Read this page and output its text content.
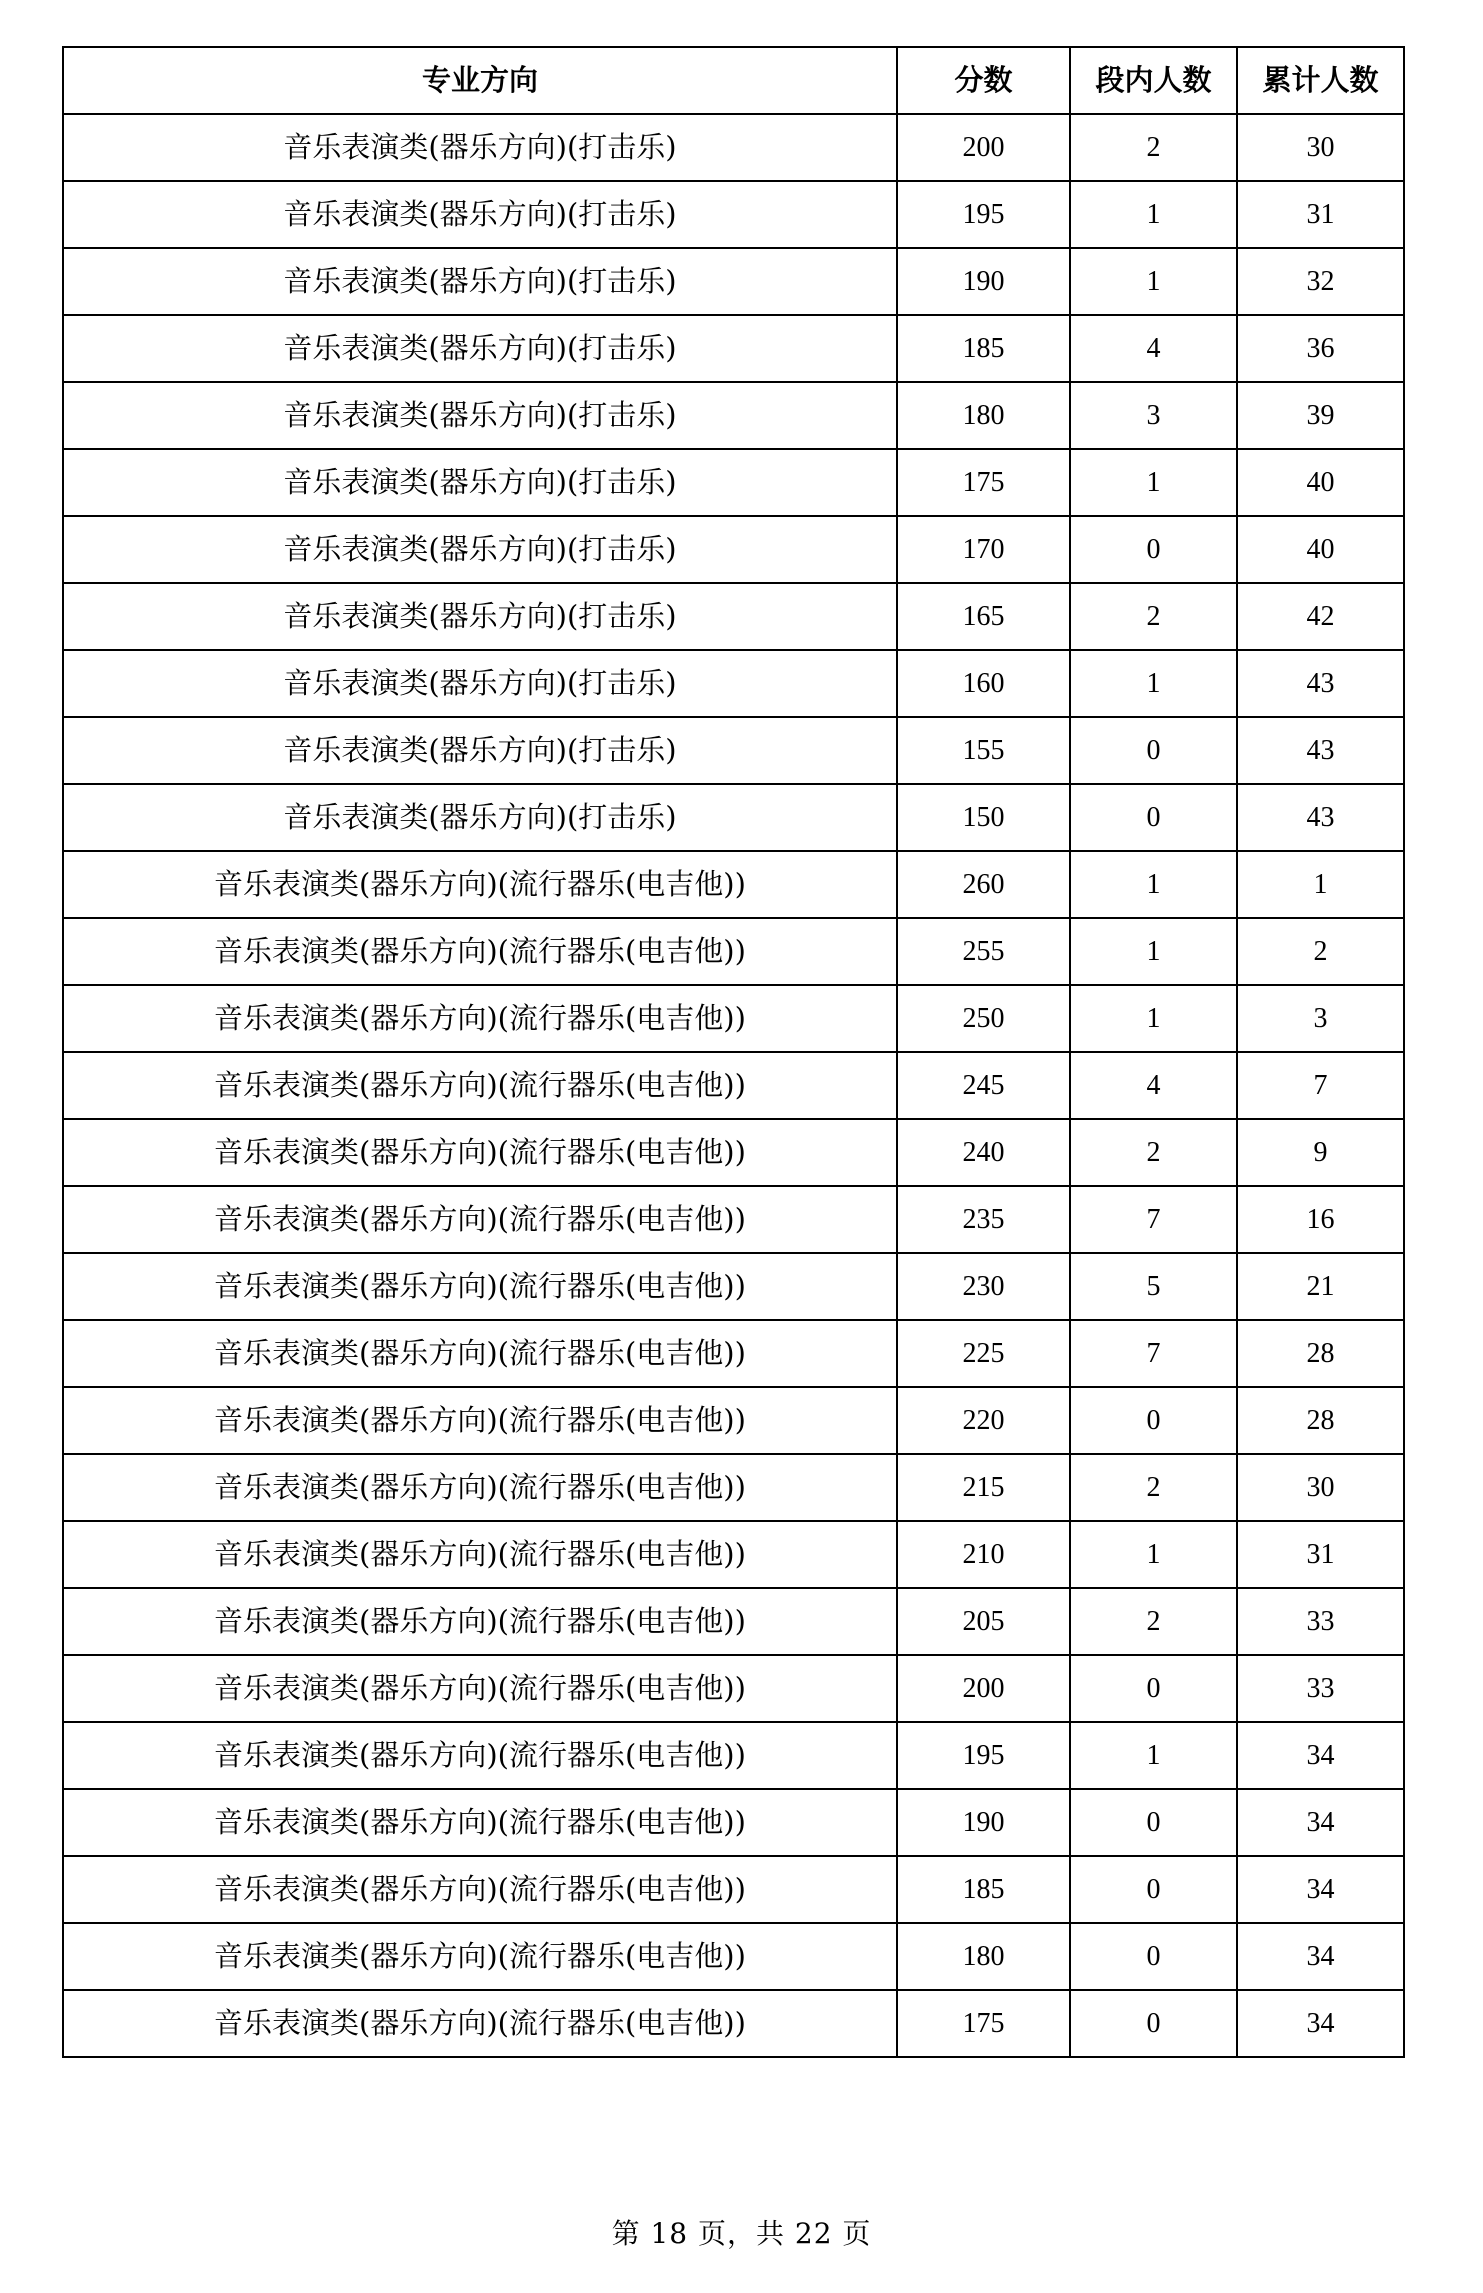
专业方向	分数	段内人数	累计人数
音乐表演类(器乐方向)(打击乐)	200	2	30
音乐表演类(器乐方向)(打击乐)	195	1	31
音乐表演类(器乐方向)(打击乐)	190	1	32
音乐表演类(器乐方向)(打击乐)	185	4	36
音乐表演类(器乐方向)(打击乐)	180	3	39
音乐表演类(器乐方向)(打击乐)	175	1	40
音乐表演类(器乐方向)(打击乐)	170	0	40
音乐表演类(器乐方向)(打击乐)	165	2	42
音乐表演类(器乐方向)(打击乐)	160	1	43
音乐表演类(器乐方向)(打击乐)	155	0	43
音乐表演类(器乐方向)(打击乐)	150	0	43
音乐表演类(器乐方向)(流行器乐(电吉他))	260	1	1
音乐表演类(器乐方向)(流行器乐(电吉他))	255	1	2
音乐表演类(器乐方向)(流行器乐(电吉他))	250	1	3
音乐表演类(器乐方向)(流行器乐(电吉他))	245	4	7
音乐表演类(器乐方向)(流行器乐(电吉他))	240	2	9
音乐表演类(器乐方向)(流行器乐(电吉他))	235	7	16
音乐表演类(器乐方向)(流行器乐(电吉他))	230	5	21
音乐表演类(器乐方向)(流行器乐(电吉他))	225	7	28
音乐表演类(器乐方向)(流行器乐(电吉他))	220	0	28
音乐表演类(器乐方向)(流行器乐(电吉他))	215	2	30
音乐表演类(器乐方向)(流行器乐(电吉他))	210	1	31
音乐表演类(器乐方向)(流行器乐(电吉他))	205	2	33
音乐表演类(器乐方向)(流行器乐(电吉他))	200	0	33
音乐表演类(器乐方向)(流行器乐(电吉他))	195	1	34
音乐表演类(器乐方向)(流行器乐(电吉他))	190	0	34
音乐表演类(器乐方向)(流行器乐(电吉他))	185	0	34
音乐表演类(器乐方向)(流行器乐(电吉他))	180	0	34
音乐表演类(器乐方向)(流行器乐(电吉他))	175	0	34
第 18 页，共 22 页
